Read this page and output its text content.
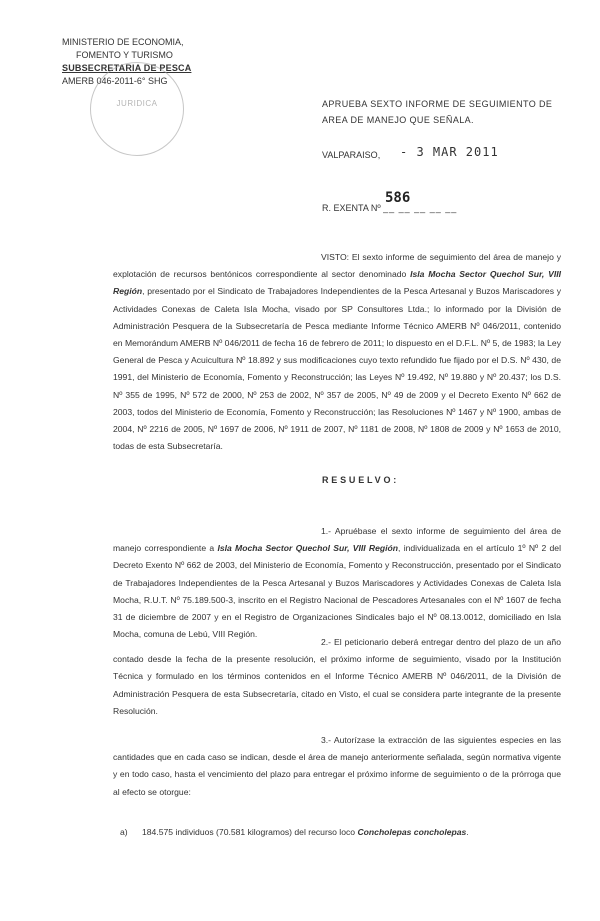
MINISTERIO DE ECONOMIA,
FOMENTO Y TURISMO
SUBSECRETARIA DE PESCA
AMERB 046-2011-6° SHG
JURIDICA	APRUEBA SEXTO INFORME DE SEGUIMIENTO DE AREA DE MANEJO QUE SEÑALA.
VALPARAISO, - 3 MAR 2011
586
R. EXENTA Nº __ __ __ __ __
VISTO: El sexto informe de seguimiento del área de manejo y explotación de recursos bentónicos correspondiente al sector denominado Isla Mocha Sector Quechol Sur, VIII Región, presentado por el Sindicato de Trabajadores Independientes de la Pesca Artesanal y Buzos Mariscadores y Actividades Conexas de Caleta Isla Mocha, visado por SP Consultores Ltda.; lo informado por la División de Administración Pesquera de la Subsecretaría de Pesca mediante Informe Técnico AMERB Nº 046/2011, contenido en Memorándum AMERB Nº 046/2011 de fecha 16 de febrero de 2011; lo dispuesto en el D.F.L. Nº 5, de 1983; la Ley General de Pesca y Acuicultura Nº 18.892 y sus modificaciones cuyo texto refundido fue fijado por el D.S. Nº 430, de 1991, del Ministerio de Economía, Fomento y Reconstrucción; las Leyes Nº 19.492, Nº 19.880 y Nº 20.437; los D.S. Nº 355 de 1995, Nº 572 de 2000, Nº 253 de 2002, Nº 357 de 2005, Nº 49 de 2009 y el Decreto Exento Nº 662 de 2003, todos del Ministerio de Economía, Fomento y Reconstrucción; las Resoluciones Nº 1467 y Nº 1900, ambas de 2004, Nº 2216 de 2005, Nº 1697 de 2006, Nº 1911 de 2007, Nº 1181 de 2008, Nº 1808 de 2009 y Nº 1653 de 2010, todas de esta Subsecretaría.
RESUELVO:
1.- Apruébase el sexto informe de seguimiento del área de manejo correspondiente a Isla Mocha Sector Quechol Sur, VIII Región, individualizada en el artículo 1º Nº 2 del Decreto Exento Nº 662 de 2003, del Ministerio de Economía, Fomento y Reconstrucción, presentado por el Sindicato de Trabajadores Independientes de la Pesca Artesanal y Buzos Mariscadores y Actividades Conexas de Caleta Isla Mocha, R.U.T. Nº 75.189.500-3, inscrito en el Registro Nacional de Pescadores Artesanales con el Nº 1607 de fecha 31 de diciembre de 2007 y en el Registro de Organizaciones Sindicales bajo el Nº 08.13.0012, domiciliado en Isla Mocha, comuna de Lebú, VIII Región.
2.- El peticionario deberá entregar dentro del plazo de un año contado desde la fecha de la presente resolución, el próximo informe de seguimiento, visado por la Institución Técnica y formulado en los términos contenidos en el Informe Técnico AMERB Nº 046/2011, de la División de Administración Pesquera de esta Subsecretaría, citado en Visto, el cual se considera parte integrante de la presente Resolución.
3.- Autorízase la extracción de las siguientes especies en las cantidades que en cada caso se indican, desde el área de manejo anteriormente señalada, según normativa vigente y en todo caso, hasta el vencimiento del plazo para entregar el próximo informe de seguimiento o de la prórroga que al efecto se otorgue:
a) 184.575 individuos (70.581 kilogramos) del recurso loco Concholepas concholepas.
